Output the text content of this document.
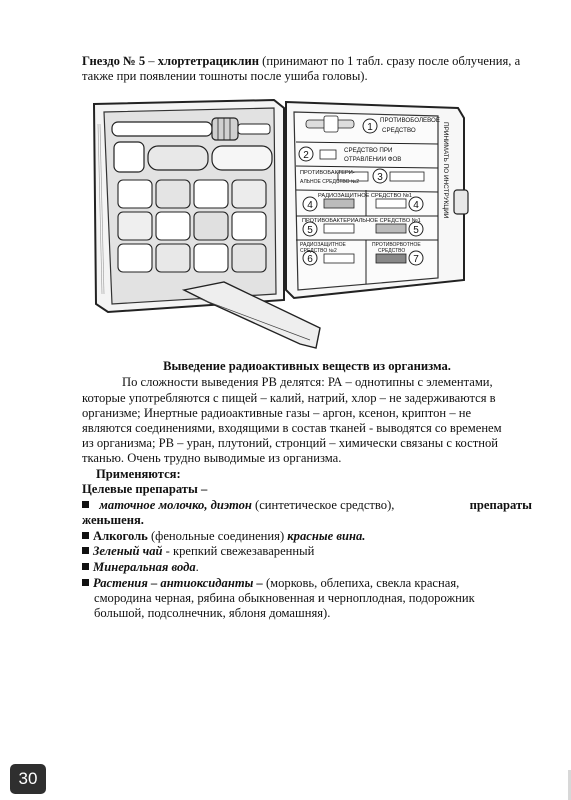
Гнездо № 5 – хлортетрациклин (принимают по 1 табл. сразу после облучения, а
также при появлении тошноты после ушиба головы).
1
2
3
4	4
5	5
6	7
ПРОТИВОБОЛЕВОЕ
СРЕДСТВО
СРЕДСТВО ПРИ
ОТРАВЛЕНИИ ФОВ
ПРОТИВОБАКТЕРИ-
АЛЬНОЕ СРЕДСТВО №2
РАДИОЗАЩИТНОЕ СРЕДСТВО №1
ПРОТИВОБАКТЕРИАЛЬНОЕ СРЕДСТВО №1
РАДИОЗАЩИТНОЕ
СРЕДСТВО №2
ПРОТИВОРВОТНОЕ
СРЕДСТВО
ПРИНИМАТЬ ПО ИНСТРУКЦИИ
Выведение радиоактивных веществ из организма.
По сложности выведения РВ делятся: РА – однотипны с элементами,
которые употребляются с пищей – калий, натрий, хлор – не задерживаются в
организме; Инертные радиоактивные газы – аргон, ксенон, криптон – не
являются соединениями, входящими в состав тканей - выводятся со временем
из организма; РВ – уран, плутоний, стронций – химически связаны с костной
тканью. Очень трудно выводимые из организма.
Применяются:
Целевые препараты –
маточное молочко, диэтон (синтетическое средство),	препараты
женьшеня.
Алкоголь (фенольные соединения) красные вина.
Зеленый чай - крепкий свежезаваренный
Минеральная вода.
Растения – антиоксиданты – (морковь, облепиха, свекла красная,
смородина черная, рябина обыкновенная и черноплодная, подорожник
большой, подсолнечник, яблоня домашняя).
30
